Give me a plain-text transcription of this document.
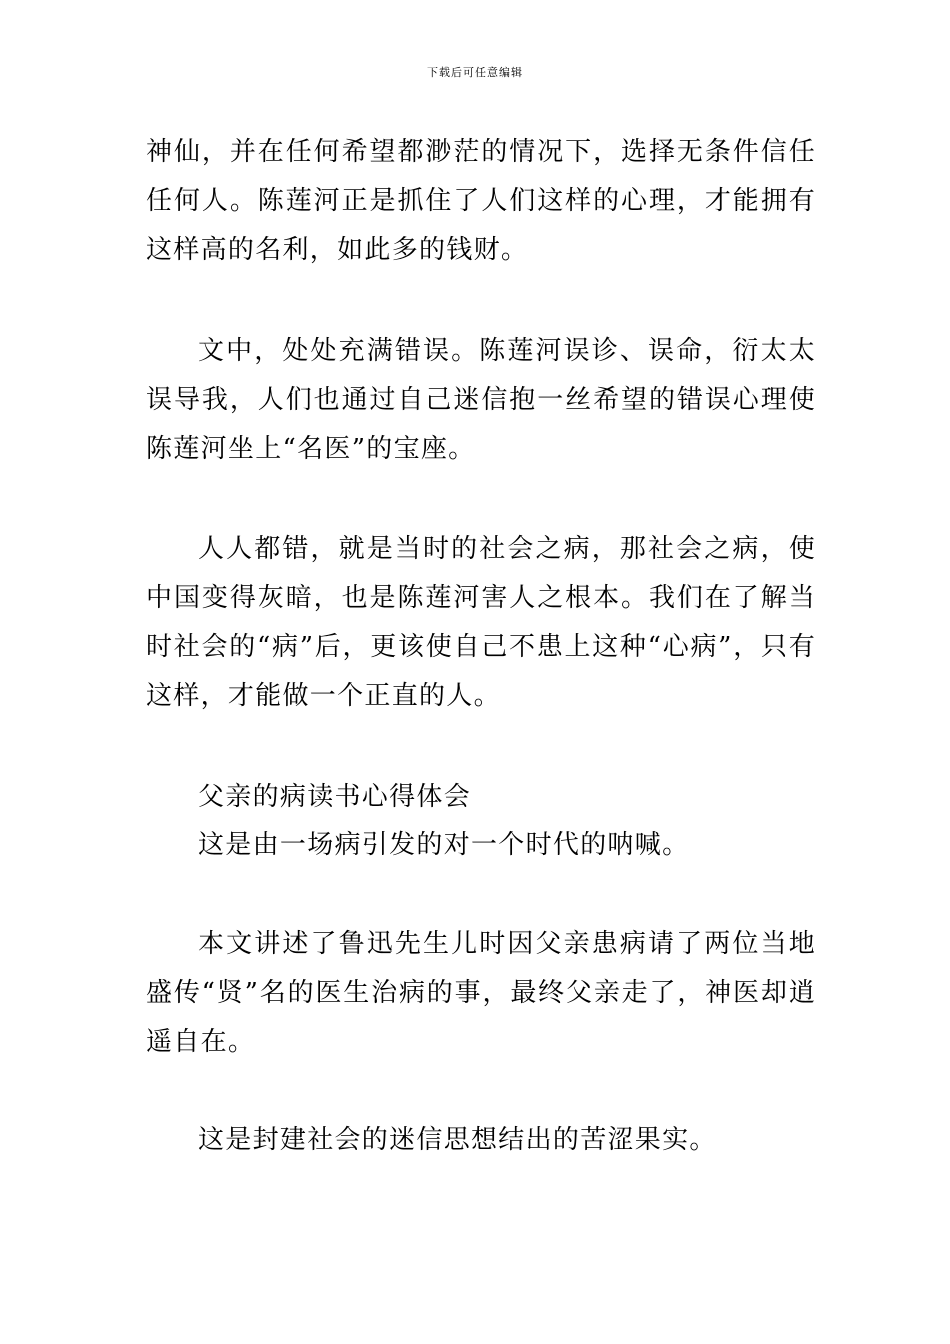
下载后可任意编辑

神仙，并在任何希望都渺茫的情况下，选择无条件信任任何人。陈莲河正是抓住了人们这样的心理，才能拥有这样高的名利，如此多的钱财。

文中，处处充满错误。陈莲河误诊、误命，衍太太误导我，人们也通过自己迷信抱一丝希望的错误心理使陈莲河坐上“名医”的宝座。

人人都错，就是当时的社会之病，那社会之病，使中国变得灰暗，也是陈莲河害人之根本。我们在了解当时社会的“病”后，更该使自己不患上这种“心病”，只有这样，才能做一个正直的人。

父亲的病读书心得体会

这是由一场病引发的对一个时代的呐喊。

本文讲述了鲁迅先生儿时因父亲患病请了两位当地盛传“贤”名的医生治病的事，最终父亲走了，神医却逍遥自在。

这是封建社会的迷信思想结出的苦涩果实。
